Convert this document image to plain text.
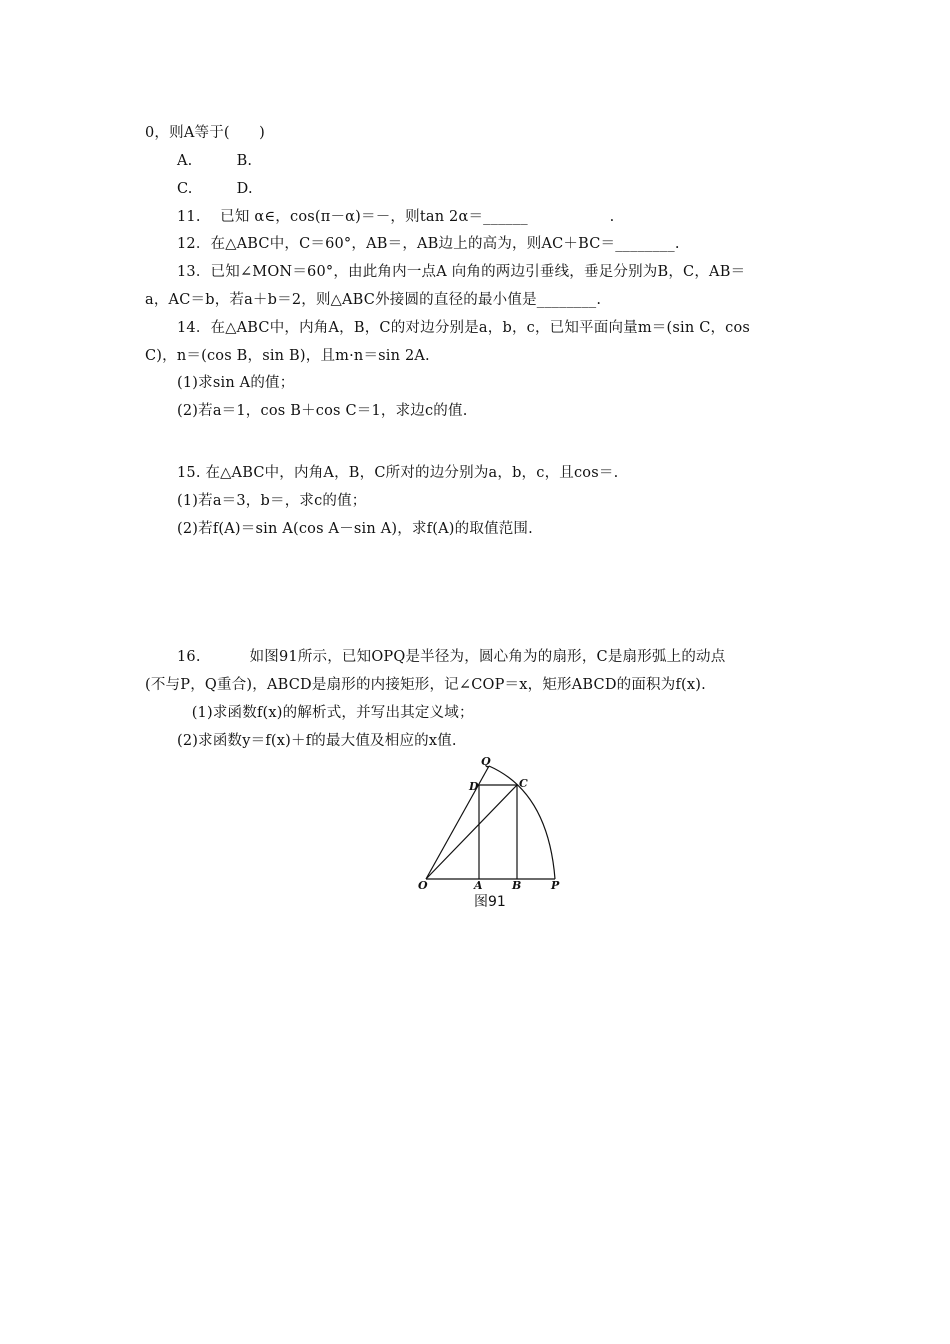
0，则A等于(　　)
A.　　　B.
C.　　　D.
11.　 已知 α∈，cos(π－α)＝－，则tan 2α＝______                 .
12．在△ABC中，C＝60°，AB＝，AB边上的高为，则AC＋BC＝________.
13．已知∠MON＝60°，由此角内一点A 向角的两边引垂线，垂足分别为B，C，AB＝
a，AC＝b，若a＋b＝2，则△ABC外接圆的直径的最小值是________.
14．在△ABC中，内角A，B，C的对边分别是a，b，c，已知平面向量m＝(sin C，cos
C)，n＝(cos B，sin B)，且m·n＝sin 2A.
(1)求sin A的值；
(2)若a＝1，cos B＋cos C＝1，求边c的值.
15. 在△ABC中，内角A，B，C所对的边分别为a，b，c，且cos＝.
(1)若a＝3，b＝，求c的值；
(2)若f(A)＝sin A(cos A－sin A)，求f(A)的取值范围.
16.　　　 如图91所示，已知OPQ是半径为，圆心角为的扇形，C是扇形弧上的动点
(不与P，Q重合)，ABCD是扇形的内接矩形，记∠COP＝x，矩形ABCD的面积为f(x).
　(1)求函数f(x)的解析式，并写出其定义域；
(2)求函数y＝f(x)＋f的最大值及相应的x值.
O	A	B	P
C
D
Q
图91
